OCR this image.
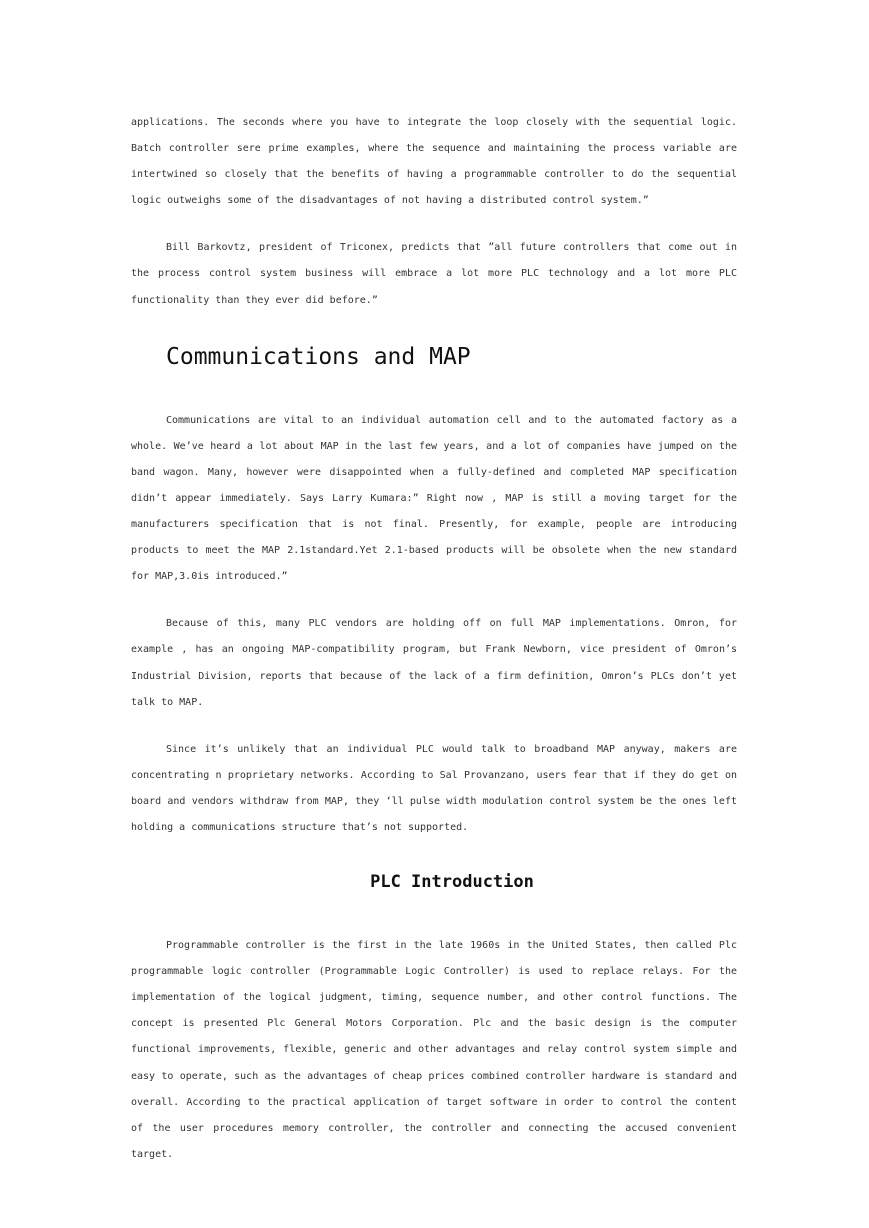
applications. The seconds where you have to integrate the loop closely with the sequential logic. Batch controller sere prime examples, where the sequence and maintaining the process variable are intertwined so closely that the benefits of having a programmable controller to do the sequential logic outweighs some of the disadvantages of not having a distributed control system.”

Bill Barkovtz, president of Triconex, predicts that ”all future controllers that come out in the process control system business will embrace a lot more PLC technology and a lot more PLC functionality than they ever did before.”

Communications and MAP

Communications are vital to an individual automation cell and to the automated factory as a whole. We’ve heard a lot about MAP in the last few years, and a lot of companies have jumped on the band wagon. Many, however were disappointed when a fully-defined and completed MAP specification didn’t appear immediately. Says Larry Kumara:” Right now , MAP is still a moving target for the manufacturers specification that is not final. Presently, for example, people are introducing products to meet the MAP 2.1standard.Yet 2.1-based products will be obsolete when the new standard for MAP,3.0is introduced.”

Because of this, many PLC vendors are holding off on full MAP implementations. Omron, for example , has an ongoing MAP-compatibility program, but Frank Newborn, vice president of Omron’s Industrial Division, reports that because of the lack of a firm definition, Omron’s PLCs don’t yet talk to MAP.

Since it’s unlikely that an individual PLC would talk to broadband MAP anyway, makers are concentrating n proprietary networks. According to Sal Provanzano, users fear that if they do get on board and vendors withdraw from MAP, they ‘ll pulse width modulation control system be the ones left holding a communications structure that’s not supported.

PLC Introduction

Programmable controller is the first in the late 1960s in the United States, then called Plc programmable logic controller (Programmable Logic Controller) is used to replace relays. For the implementation of the logical judgment, timing, sequence number, and other control functions. The concept is presented Plc General Motors Corporation. Plc and the basic design is the computer functional improvements, flexible, generic and other advantages and relay control system simple and easy to operate, such as the advantages of cheap prices combined controller hardware is standard and overall. According to the practical application of target software in order to control the content of the user procedures memory controller, the controller and connecting the accused convenient target.
